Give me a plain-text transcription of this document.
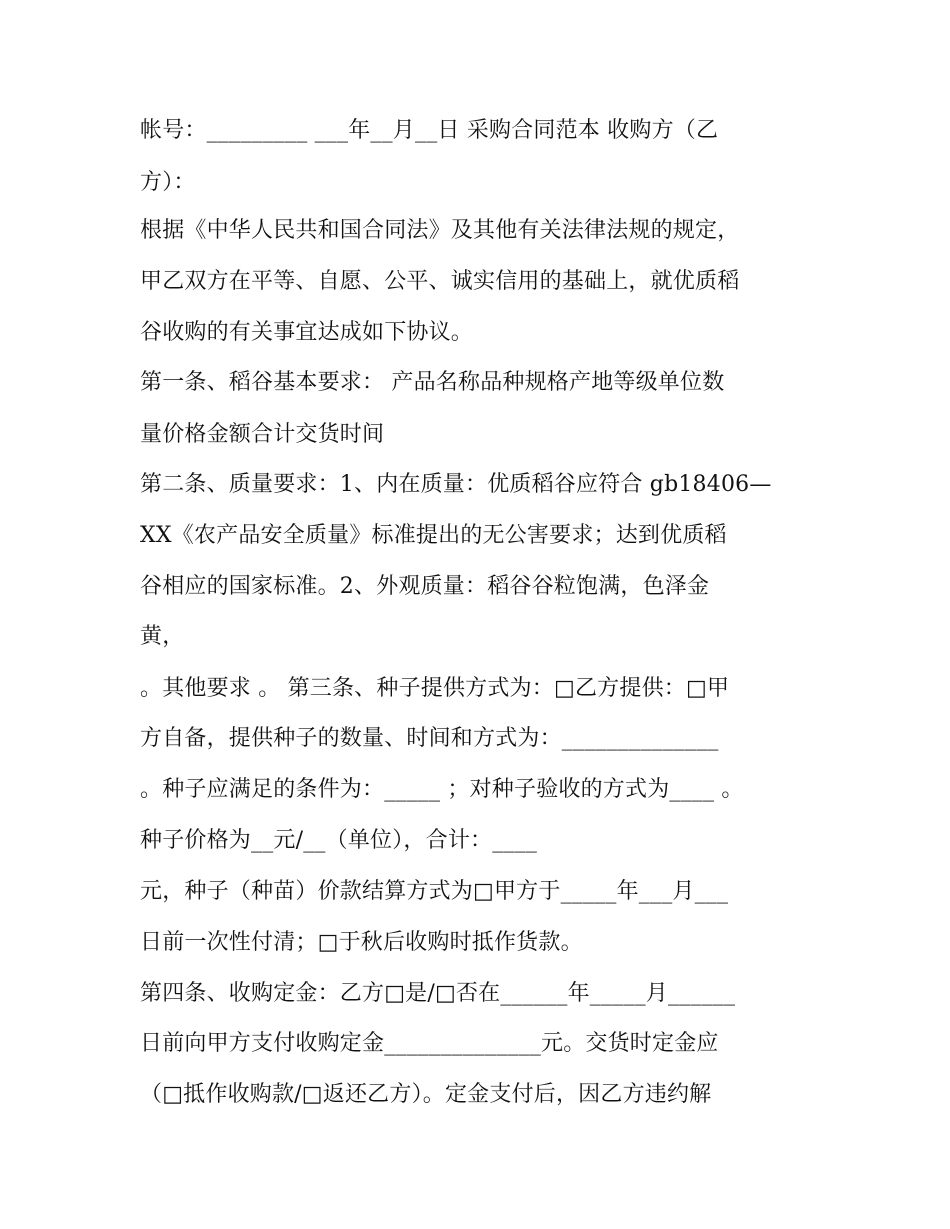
帐号：_________ ___年__月__日 采购合同范本 收购方（乙

方）：

根据《中华人民共和国合同法》及其他有关法律法规的规定，

甲乙双方在平等、自愿、公平、诚实信用的基础上，就优质稻

谷收购的有关事宜达成如下协议。

第一条、稻谷基本要求： 产品名称品种规格产地等级单位数

量价格金额合计交货时间

第二条、质量要求：1、内在质量：优质稻谷应符合 gb18406—

XX《农产品安全质量》标准提出的无公害要求；达到优质稻

谷相应的国家标准。2、外观质量：稻谷谷粒饱满，色泽金

黄，

。其他要求 。 第三条、种子提供方式为：□乙方提供：□甲

方自备，提供种子的数量、时间和方式为：______________

。种子应满足的条件为：_____ ；对种子验收的方式为____ 。

种子价格为__元/__（单位），合计：____

元，种子（种苗）价款结算方式为□甲方于_____年___月___

日前一次性付清；□于秋后收购时抵作货款。

第四条、收购定金：乙方□是/□否在______年_____月______

日前向甲方支付收购定金______________元。交货时定金应

（□抵作收购款/□返还乙方）。定金支付后，因乙方违约解
